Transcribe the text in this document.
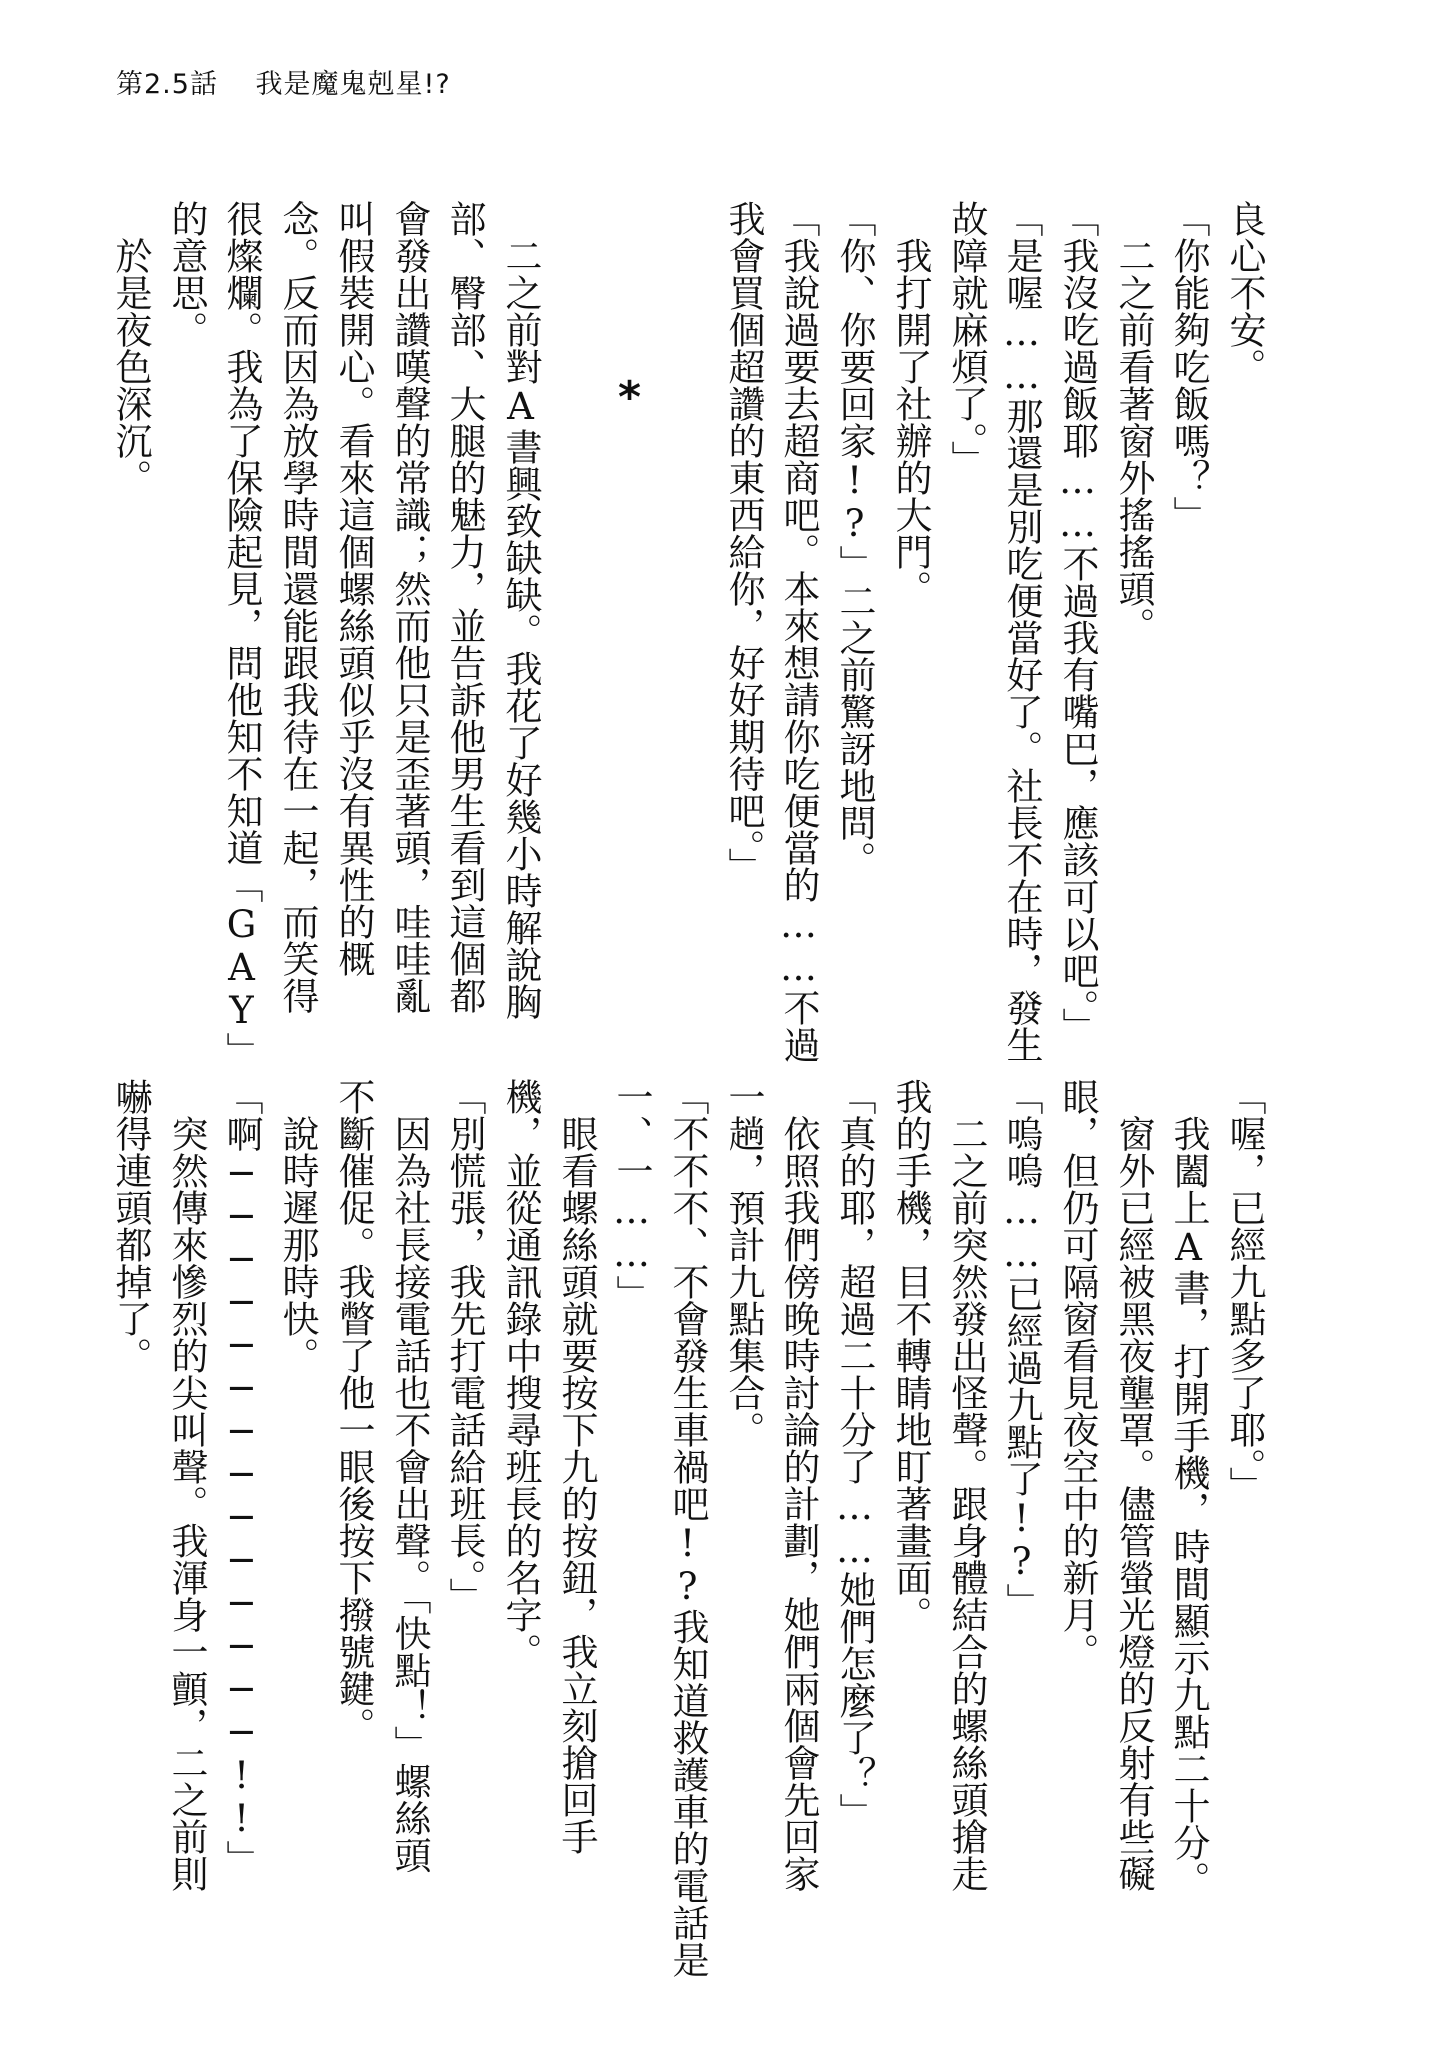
第2.5話　 我是魔鬼剋星!?
良心不安。
「你能夠吃飯嗎？」
二之前看著窗外搖搖頭。
「我沒吃過飯耶……不過我有嘴巴，應該可以吧。」
「是喔……那還是別吃便當好了。社長不在時，發生
故障就麻煩了。」
我打開了社辦的大門。
「你、你要回家!?」二之前驚訝地問。
「我說過要去超商吧。本來想請你吃便當的……不過
我會買個超讚的東西給你，好好期待吧。」
二之前對A書興致缺缺。我花了好幾小時解說胸
部、臀部、大腿的魅力，並告訴他男生看到這個都
會發出讚嘆聲的常識；然而他只是歪著頭，哇哇亂
叫假裝開心。看來這個螺絲頭似乎沒有異性的概
念。反而因為放學時間還能跟我待在一起，而笑得
很燦爛。我為了保險起見，問他知不知道「GAY」
的意思。
於是夜色深沉。	*
「喔，已經九點多了耶。」
我闔上A書，打開手機，時間顯示九點二十分。
窗外已經被黑夜壟罩。儘管螢光燈的反射有些礙
眼，但仍可隔窗看見夜空中的新月。
「嗚嗚……已經過九點了!?」
二之前突然發出怪聲。跟身體結合的螺絲頭搶走
我的手機，目不轉睛地盯著畫面。
「真的耶，超過二十分了……她們怎麼了？」
依照我們傍晚時討論的計劃，她們兩個會先回家
一趟，預計九點集合。
「不不不、不會發生車禍吧!?我知道救護車的電話是
一、一……」
眼看螺絲頭就要按下九的按鈕，我立刻搶回手
機，並從通訊錄中搜尋班長的名字。
「別慌張，我先打電話給班長。」
因為社長接電話也不會出聲。「快點！」螺絲頭
不斷催促。我瞥了他一眼後按下撥號鍵。
說時遲那時快。
「啊──────────────!!」
突然傳來慘烈的尖叫聲。我渾身一顫，二之前則
嚇得連頭都掉了。
